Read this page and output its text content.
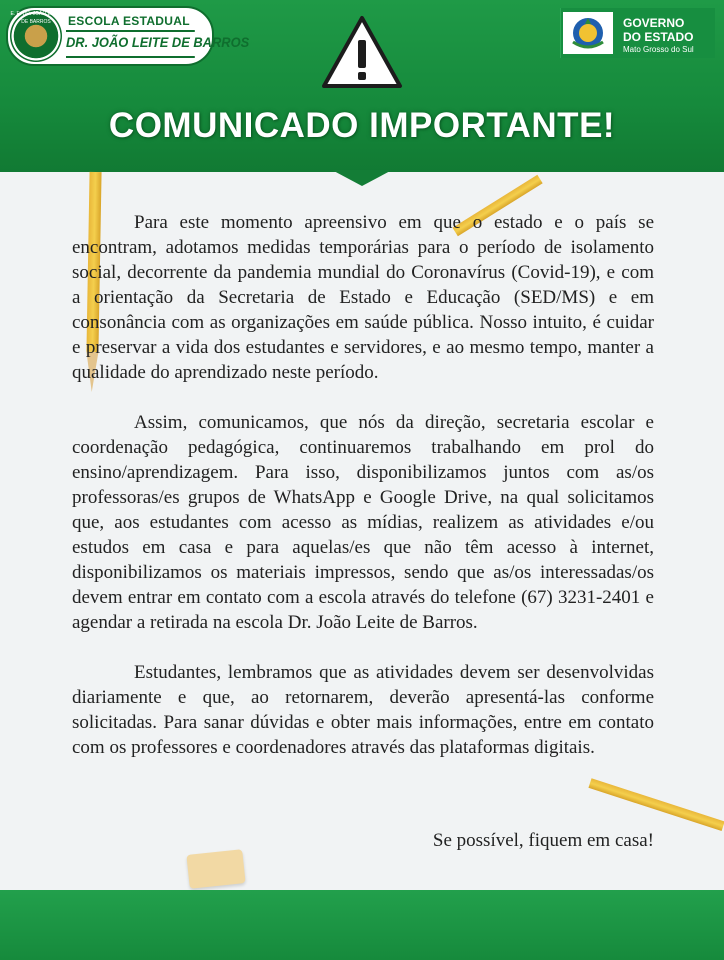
E. E. DR. JOÃO LEITE DE BARROS	ESCOLA ESTADUAL
DR. JOÃO LEITE DE BARROS
GOVERNO
DO ESTADO
Mato Grosso do Sul
COMUNICADO IMPORTANTE!

Para este momento apreensivo em que o estado e o país se encontram, adotamos medidas temporárias para o período de isolamento social, decorrente da pandemia mundial do Coronavírus (Covid-19), e com a orientação da Secretaria de Estado e Educação (SED/MS) e em consonância com as organizações em saúde pública. Nosso intuito, é cuidar e preservar a vida dos estudantes e servidores, e ao mesmo tempo, manter a qualidade do aprendizado neste período.

Assim, comunicamos, que nós da direção, secretaria escolar e coordenação pedagógica, continuaremos trabalhando em prol do ensino/aprendizagem. Para isso, disponibilizamos juntos com as/os professoras/es grupos de WhatsApp e Google Drive, na qual solicitamos que, aos estudantes com acesso as mídias, realizem as atividades e/ou estudos em casa e para aquelas/es que não têm acesso à internet, disponibilizamos os materiais impressos, sendo que as/os interessadas/os devem entrar em contato com a escola através do telefone (67) 3231-2401 e agendar a retirada na escola Dr. João Leite de Barros.

Estudantes, lembramos que as atividades devem ser desenvolvidas diariamente e que, ao retornarem, deverão apresentá-las conforme solicitadas. Para sanar dúvidas e obter mais informações, entre em contato com os professores e coordenadores através das plataformas digitais.

Se possível, fiquem em casa!
